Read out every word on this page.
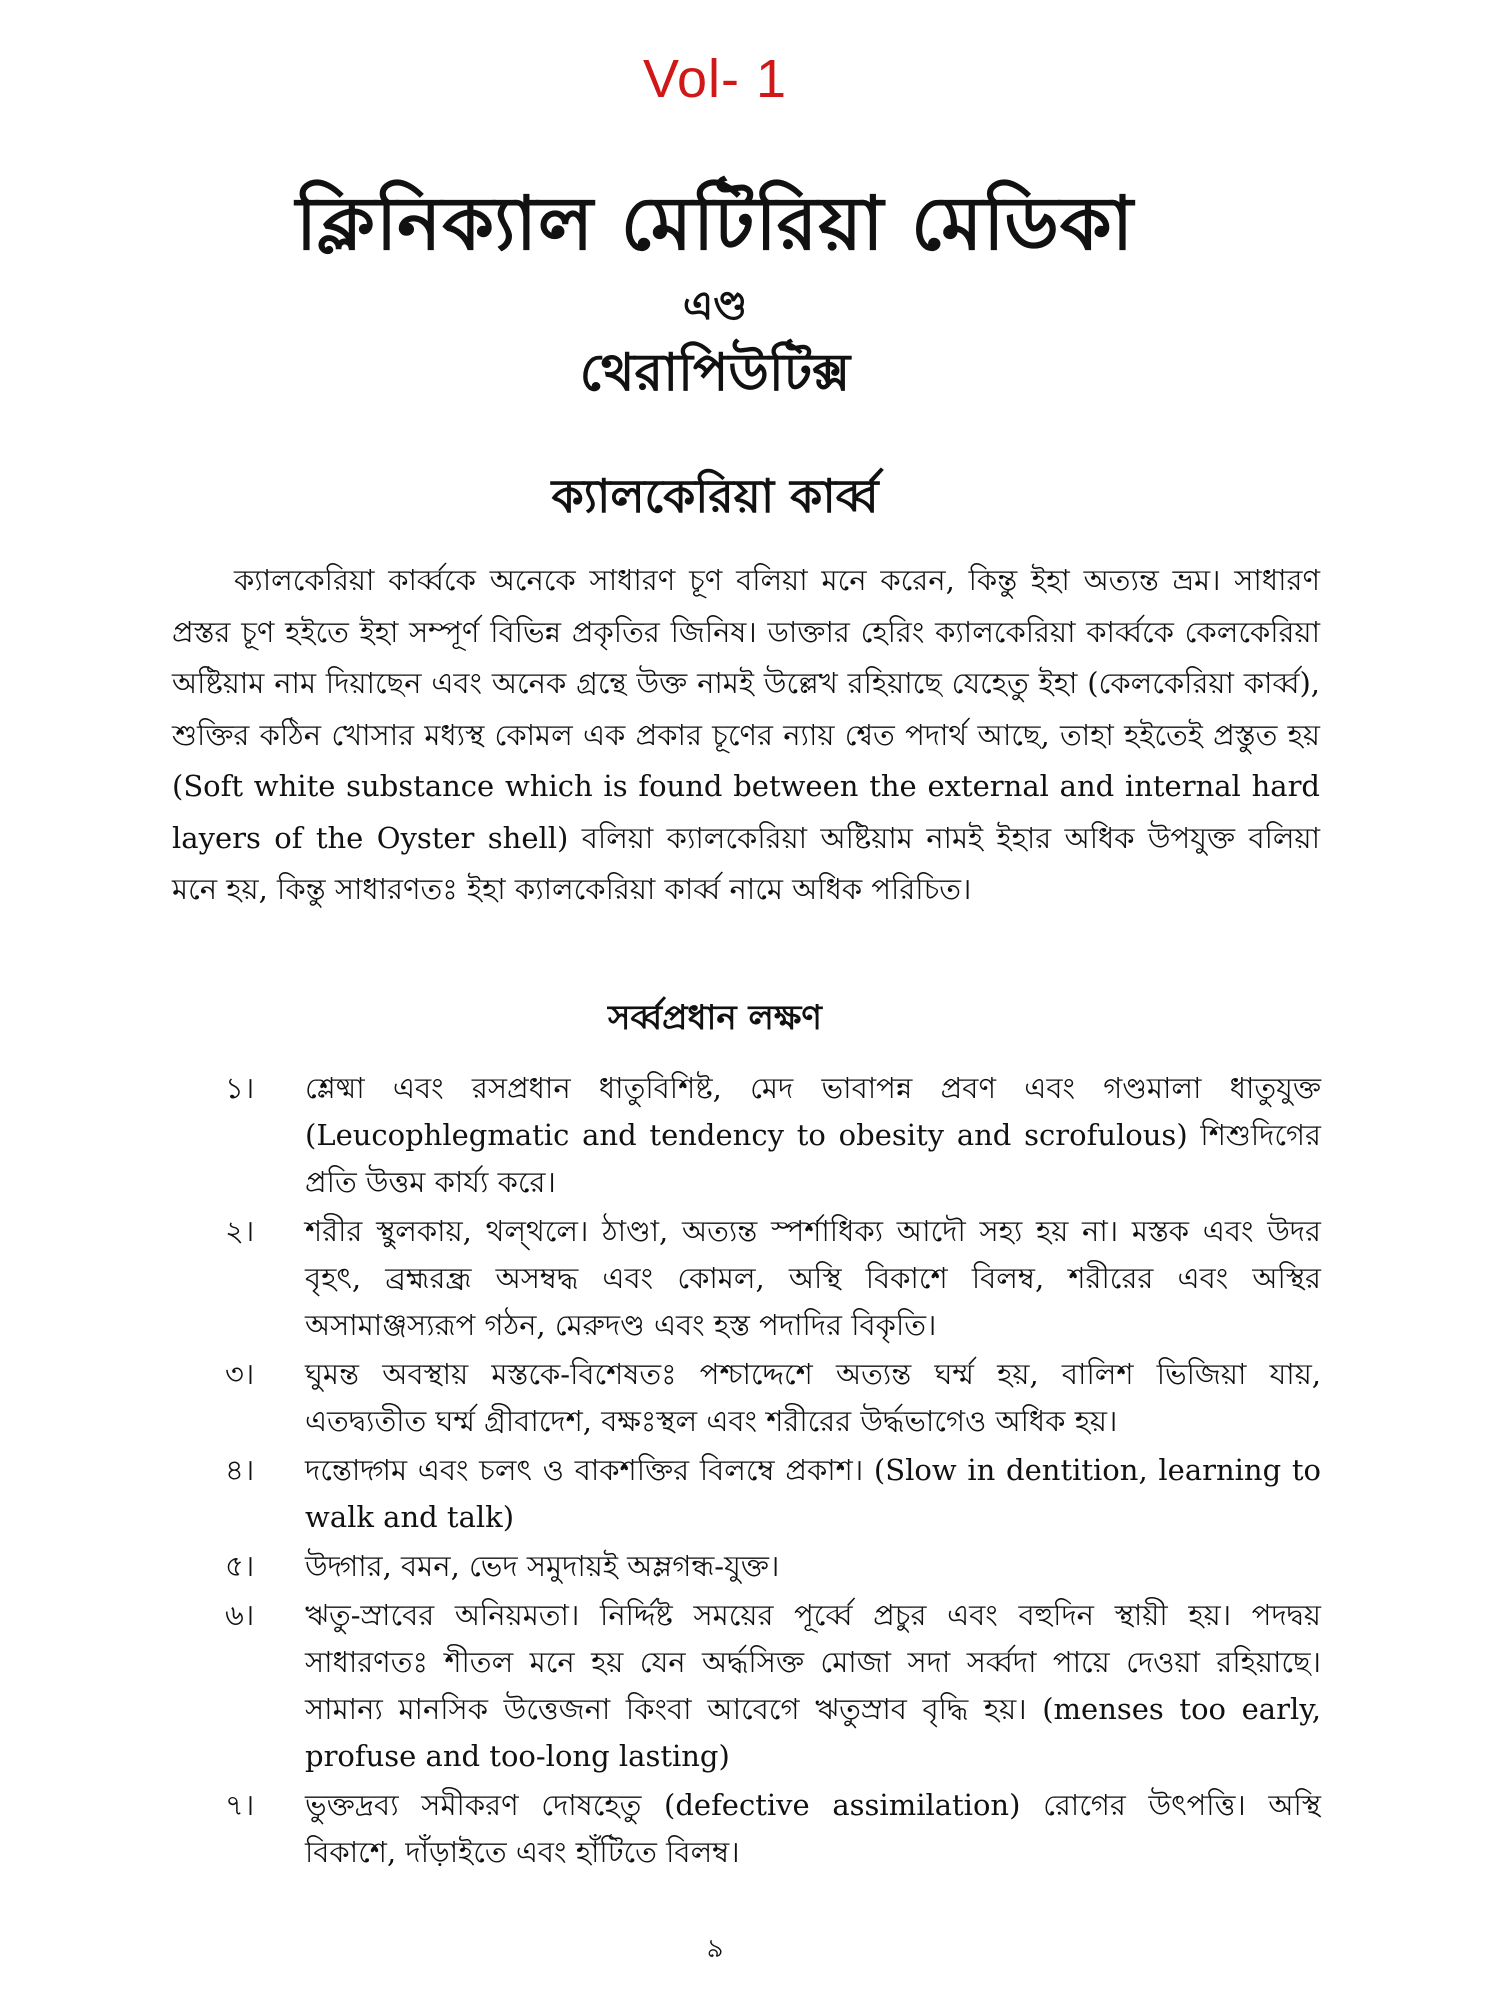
Vol- 1
ক্লিনিক্যাল মেটিরিয়া মেডিকা
এণ্ড
থেরাপিউটিক্স
ক্যালকেরিয়া কার্ব্ব

ক্যালকেরিয়া কার্ব্বকে অনেকে সাধারণ চূণ বলিয়া মনে করেন, কিন্তু ইহা অত্যন্ত ভ্রম। সাধারণ প্রস্তর চূণ হইতে ইহা সম্পূর্ণ বিভিন্ন প্রকৃতির জিনিষ। ডাক্তার হেরিং ক্যালকেরিয়া কার্ব্বকে কেলকেরিয়া অষ্টিয়াম নাম দিয়াছেন এবং অনেক গ্রন্থে উক্ত নামই উল্লেখ রহিয়াছে যেহেতু ইহা (কেলকেরিয়া কার্ব্ব), শুক্তির কঠিন খোসার মধ্যস্থ কোমল এক প্রকার চূণের ন্যায় শ্বেত পদার্থ আছে, তাহা হইতেই প্রস্তুত হয় (Soft white substance which is found between the external and internal hard layers of the Oyster shell) বলিয়া ক্যালকেরিয়া অষ্টিয়াম নামই ইহার অধিক উপযুক্ত বলিয়া মনে হয়, কিন্তু সাধারণতঃ ইহা ক্যালকেরিয়া কার্ব্ব নামে অধিক পরিচিত।

সর্ব্বপ্রধান লক্ষণ
১।	শ্লেষ্মা এবং রসপ্রধান ধাতুবিশিষ্ট, মেদ ভাবাপন্ন প্রবণ এবং গণ্ডমালা ধাতুযুক্ত (Leucophlegmatic and tendency to obesity and scrofulous) শিশুদিগের প্রতি উত্তম কার্য্য করে।
২।	শরীর স্থুলকায়, থল্‌থলে। ঠাণ্ডা, অত্যন্ত স্পর্শাধিক্য আদৌ সহ্য হয় না। মস্তক এবং উদর বৃহৎ, ব্রহ্মরন্ধ্র অসম্বদ্ধ এবং কোমল, অস্থি বিকাশে বিলম্ব, শরীরের এবং অস্থির অসামাঞ্জস্যরূপ গঠন, মেরুদণ্ড এবং হস্ত পদাদির বিকৃতি।
৩।	ঘুমন্ত অবস্থায় মস্তকে-বিশেষতঃ পশ্চাদ্দেশে অত্যন্ত ঘর্ম্ম হয়, বালিশ ভিজিয়া যায়, এতদ্ব্যতীত ঘর্ম্ম গ্রীবাদেশ, বক্ষঃস্থল এবং শরীরের উর্দ্ধভাগেও অধিক হয়।
৪।	দন্তোদ্গম এবং চলৎ ও বাকশক্তির বিলম্বে প্রকাশ। (Slow in dentition, learning to walk and talk)
৫।	উদ্গার, বমন, ভেদ সমুদায়ই অম্লগন্ধ-যুক্ত।
৬।	ঋতু-স্রাবের অনিয়মতা। নির্দ্দিষ্ট সময়ের পূর্ব্বে প্রচুর এবং বহুদিন স্থায়ী হয়। পদদ্বয় সাধারণতঃ শীতল মনে হয় যেন অর্দ্ধসিক্ত মোজা সদা সর্ব্বদা পায়ে দেওয়া রহিয়াছে। সামান্য মানসিক উত্তেজনা কিংবা আবেগে ঋতুস্রাব বৃদ্ধি হয়। (menses too early, profuse and too-long lasting)
৭।	ভুক্তদ্রব্য সমীকরণ দোষহেতু (defective assimilation) রোগের উৎপত্তি। অস্থি বিকাশে, দাঁড়াইতে এবং হাঁটিতে বিলম্ব।
৯
